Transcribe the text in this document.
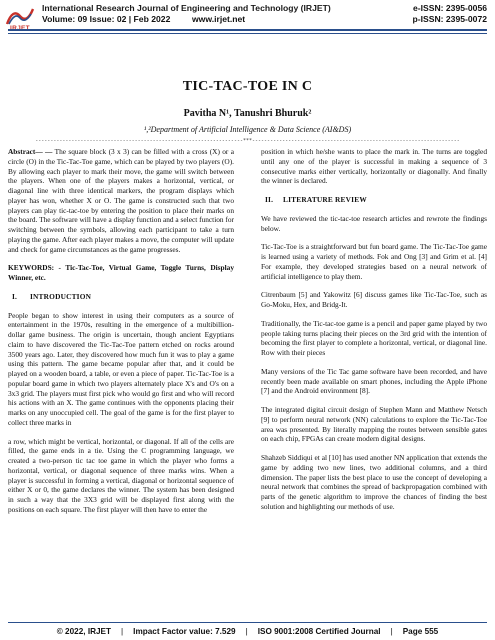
IRJET
International Research Journal of Engineering and Technology (IRJET)
Volume: 09 Issue: 02 | Feb 2022	www.irjet.net
e-ISSN: 2395-0056
p-ISSN: 2395-0072
TIC-TAC-TOE IN C
Pavitha N¹, Tanushri Bhuruk²
¹,²Department of Artificial Intelligence & Data Science (AI&DS)
---------------------------------------------------------------------***---------------------------------------------------------------------

Abstract— — The square block (3 x 3) can be filled with a cross (X) or a circle (O) in the Tic-Tac-Toe game, which can be played by two players (O). By allowing each player to mark their move, the game will switch between the players. When one of the players makes a horizontal, vertical, or diagonal line with three identical markers, the program displays which player has won, whether X or O. The game is constructed such that two players can play tic-tac-toe by entering the position to place their marks on the board. The software will have a display function and a select function for switching between the symbols, allowing each participant to take a turn playing the game. After each player makes a move, the computer will update and check for game circumstances as the game progresses.

KEYWORDS: - Tic-Tac-Toe, Virtual Game, Toggle Turns, Display Winner, etc.

I. INTRODUCTION

People began to show interest in using their computers as a source of entertainment in the 1970s, resulting in the emergence of a multibillion-dollar game business. The origin is uncertain, though ancient Egyptians claim to have discovered the Tic-Tac-Toe pattern etched on rocks around 3500 years ago. Later, they discovered how much fun it was to play a game using this pattern. The game became popular after that, and it could be played on a wooden board, a table, or even a piece of paper. Tic-Tac-Toe is a popular board game in which two players alternately place X's and O's on a 3x3 grid. The players must first pick who would go first and who will record his actions with an X. The game continues with the opponents placing their marks on any unoccupied cell. The goal of the game is for the first player to collect three marks in

a row, which might be vertical, horizontal, or diagonal. If all of the cells are filled, the game ends in a tie. Using the C programming language, we created a two-person tic tac toe game in which the player who forms a horizontal, vertical, or diagonal sequence of three marks wins. When a player is successful in forming a vertical, diagonal or horizontal sequence of either X or 0, the game declares the winner. The system has been designed in such a way that the 3X3 grid will be displayed first along with the positions on each square. The first player will then have to enter the

position in which he/she wants to place the mark in. The turns are toggled until any one of the player is successful in making a sequence of 3 consecutive marks either vertically, horizontally or diagonally. And finally the winner is declared.

II. LITERATURE REVIEW

We have reviewed the tic-tac-toe research articles and rewrote the findings below.

Tic-Tac-Toe is a straightforward but fun board game. The Tic-Tac-Toe game is learned using a variety of methods. Fok and Ong [3] and Grim et al. [4] For example, they developed strategies based on a neural network of artificial intelligence to play them.

Citrenbaum [5] and Yakowitz [6] discuss games like Tic-Tac-Toe, such as Go-Moku, Hex, and Bridg-It.

Traditionally, the Tic-tac-toe game is a pencil and paper game played by two people taking turns placing their pieces on the 3rd grid with the intention of becoming the first player to complete a horizontal, vertical, or diagonal line. Row with their pieces

Many versions of the Tic Tac game software have been recorded, and have recently been made available on smart phones, including the Apple iPhone [7] and the Android environment [8].

The integrated digital circuit design of Stephen Mann and Matthew Netsch [9] to perform neural network (NN) calculations to explore the Tic-Tac-Toe area was presented. By literally mapping the routes between sensible gates on each chip, FPGAs can create modern digital designs.

Shahzeb Siddiqui et al [10] has used another NN application that extends the game by adding two new lines, two additional columns, and a third dimension. The paper lists the best place to use the concept of developing a neural network that combines the spread of backpropagation combined with parts of the genetic algorithm to improve the chances of finding the best solution and highlighting our methods of use.

© 2022, IRJET | Impact Factor value: 7.529 | ISO 9001:2008 Certified Journal | Page 555
